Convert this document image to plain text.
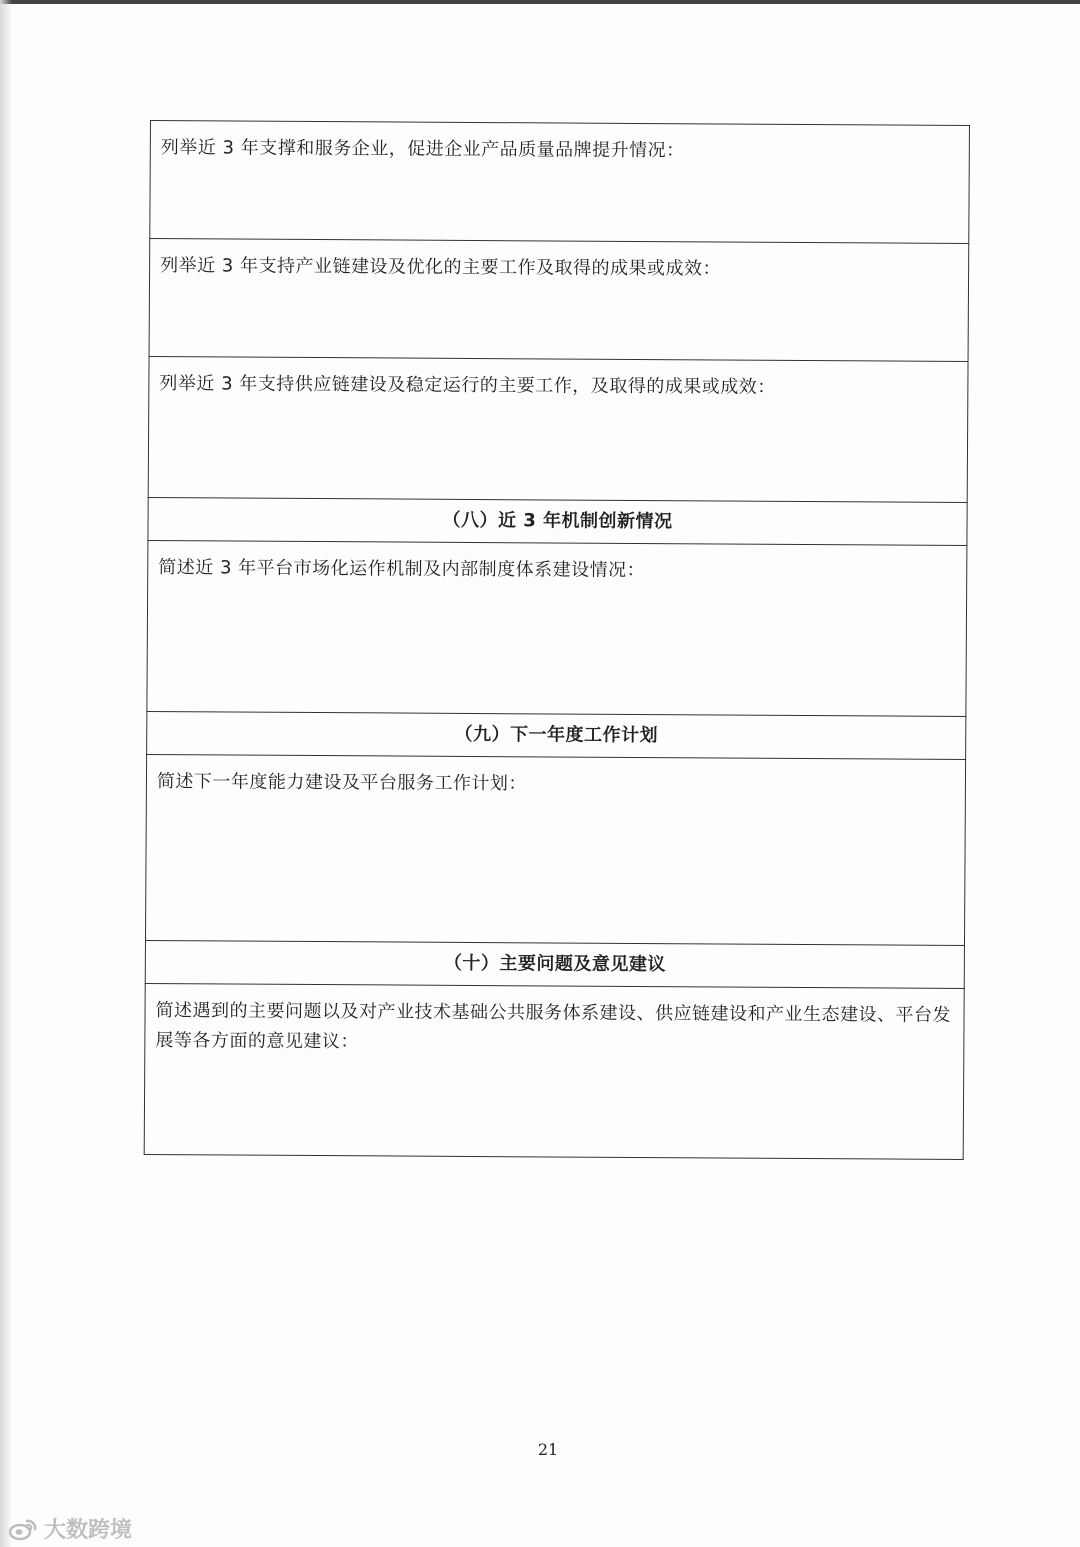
列举近 3 年支撑和服务企业，促进企业产品质量品牌提升情况：
列举近 3 年支持产业链建设及优化的主要工作及取得的成果或成效：
列举近 3 年支持供应链建设及稳定运行的主要工作，及取得的成果或成效：
（八）近 3 年机制创新情况
简述近 3 年平台市场化运作机制及内部制度体系建设情况：
（九）下一年度工作计划
简述下一年度能力建设及平台服务工作计划：
（十）主要问题及意见建议
简述遇到的主要问题以及对产业技术基础公共服务体系建设、供应链建设和产业生态建设、平台发展等各方面的意见建议：
21
大数跨境
